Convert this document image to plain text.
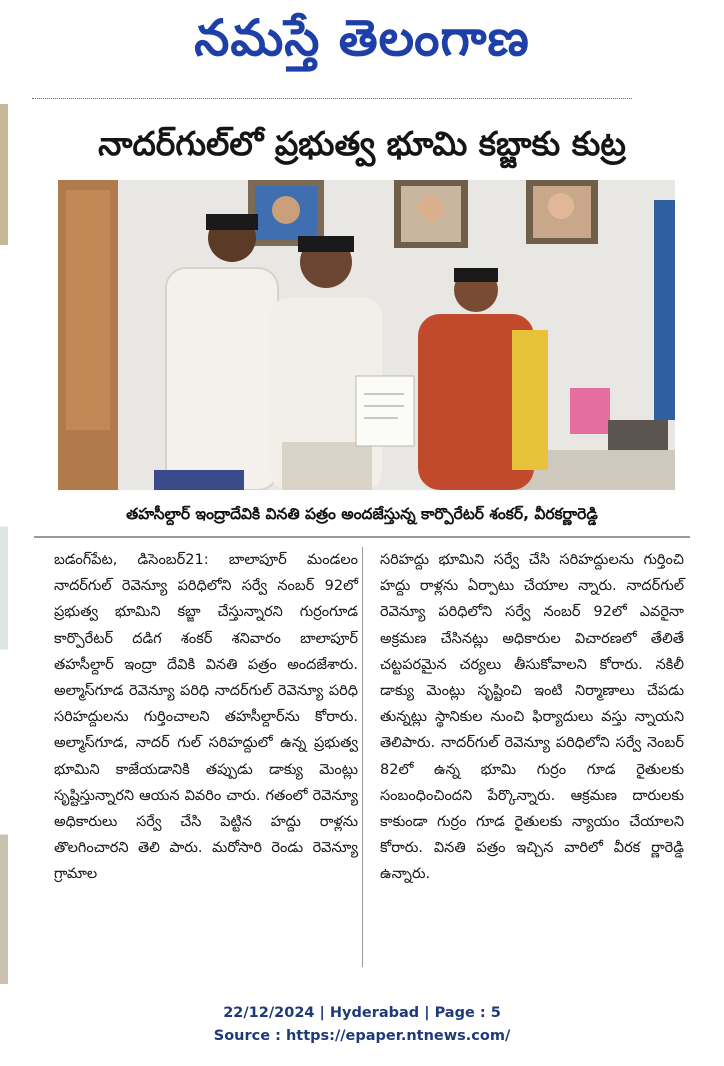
నమస్తే తెలంగాణ
నాదర్‌గుల్‌లో ప్రభుత్వ భూమి కబ్జాకు కుట్ర
తహసీల్దార్ ఇంద్రాదేవికి వినతి పత్రం అందజేస్తున్న కార్పొరేటర్ శంకర్, వీరకర్ణారెడ్డి
బడంగ్‌పేట, డిసెంబర్21: బాలాపూర్ మండలం నాదర్‌గుల్ రెవెన్యూ పరిధిలోని సర్వే నంబర్ 92లో ప్రభుత్వ భూమిని కబ్జా చేస్తున్నారని గుర్రంగూడ కార్పొరేటర్ దడిగ శంకర్ శనివారం బాలాపూర్ తహసీల్దార్ ఇంద్రా దేవికి వినతి పత్రం అందజేశారు. అల్మాస్‌గూడ రెవెన్యూ పరిధి నాదర్‌గుల్ రెవెన్యూ పరిధి సరిహద్దులను గుర్తించాలని తహసీల్దార్‌ను కోరారు. అల్మాస్‌గూడ, నాదర్ గుల్ సరిహద్దులో ఉన్న ప్రభుత్వ భూమిని కాజేయడానికి తప్పుడు డాక్యు మెంట్లు సృష్టిస్తున్నారని ఆయన వివరిం చారు. గతంలో రెవెన్యూ అధికారులు సర్వే చేసి పెట్టిన హద్దు రాళ్లను తొలగించారని తెలి పారు. మరోసారి రెండు రెవెన్యూ గ్రామాల
సరిహద్దు భూమిని సర్వే చేసి సరిహద్దులను గుర్తించి హద్దు రాళ్లను ఏర్పాటు చేయాల న్నారు. నాదర్‌గుల్ రెవెన్యూ పరిధిలోని సర్వే నంబర్ 92లో ఎవరైనా అక్రమణ చేసినట్లు అధికారుల విచారణలో తేలితే చట్టపరమైన చర్యలు తీసుకోవాలని కోరారు. నకిలీ డాక్యు మెంట్లు సృష్టించి ఇంటి నిర్మాణాలు చేపడు తున్నట్లు స్థానికుల నుంచి ఫిర్యాదులు వస్తు న్నాయని తెలిపారు. నాదర్‌గుల్ రెవెన్యూ పరిధిలోని సర్వే నెంబర్ 82లో ఉన్న భూమి గుర్రం గూడ రైతులకు సంబంధించిందని పేర్కొన్నారు. ఆక్రమణ దారులకు కాకుండా గుర్రం గూడ రైతులకు న్యాయం చేయాలని కోరారు. వినతి పత్రం ఇచ్చిన వారిలో వీరక ర్ణారెడ్డి ఉన్నారు.
22/12/2024 | Hyderabad | Page : 5
Source : https://epaper.ntnews.com/
